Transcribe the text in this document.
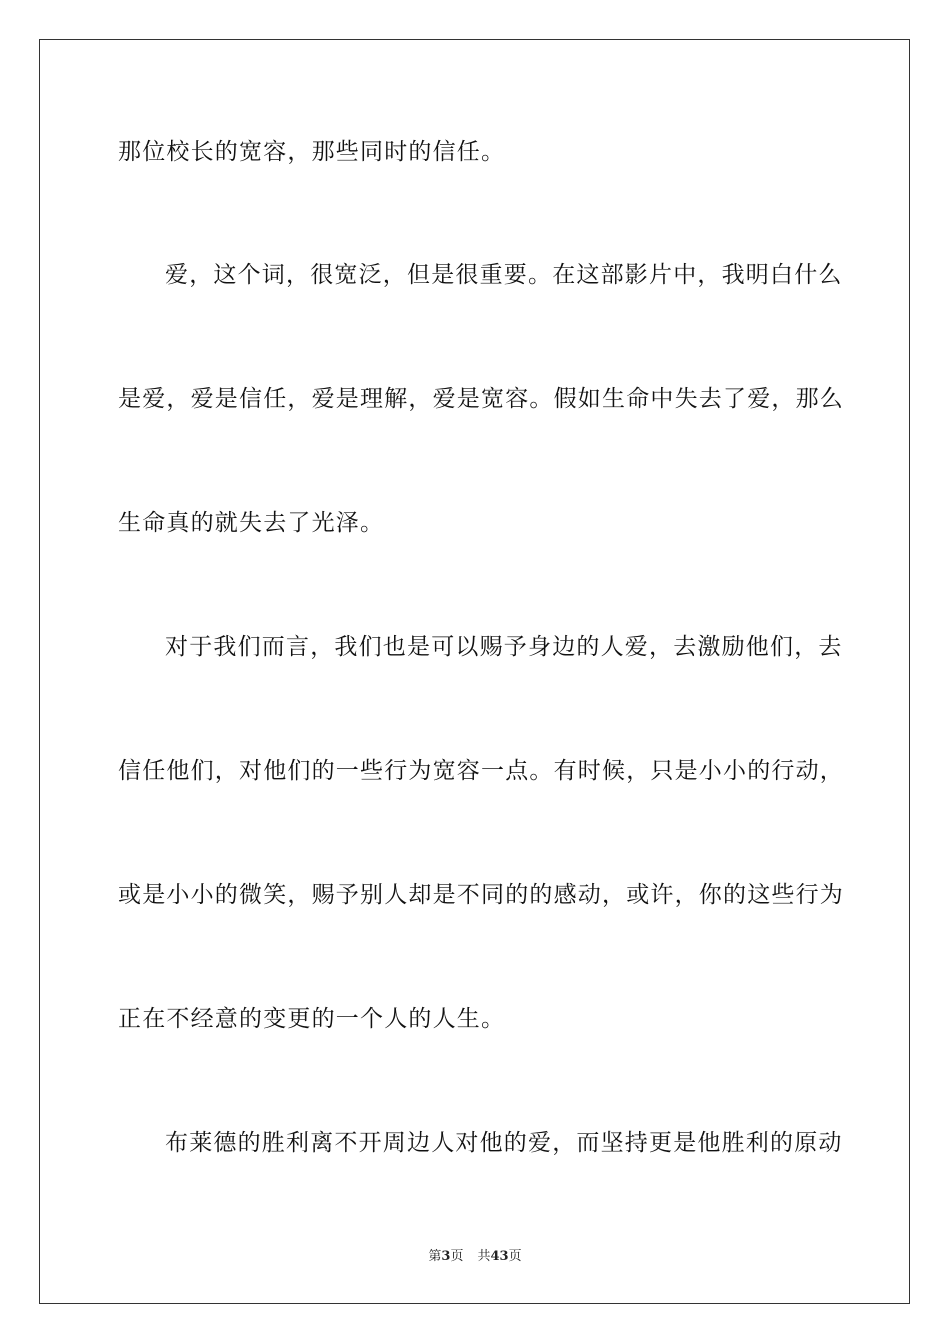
那位校长的宽容，那些同时的信任。
爱，这个词，很宽泛，但是很重要。在这部影片中，我明白什么
是爱，爱是信任，爱是理解，爱是宽容。假如生命中失去了爱，那么
生命真的就失去了光泽。
对于我们而言，我们也是可以赐予身边的人爱，去激励他们，去
信任他们，对他们的一些行为宽容一点。有时候，只是小小的行动，
或是小小的微笑，赐予别人却是不同的的感动，或许，你的这些行为
正在不经意的变更的一个人的人生。
布莱德的胜利离不开周边人对他的爱，而坚持更是他胜利的原动
第3页 共43页
